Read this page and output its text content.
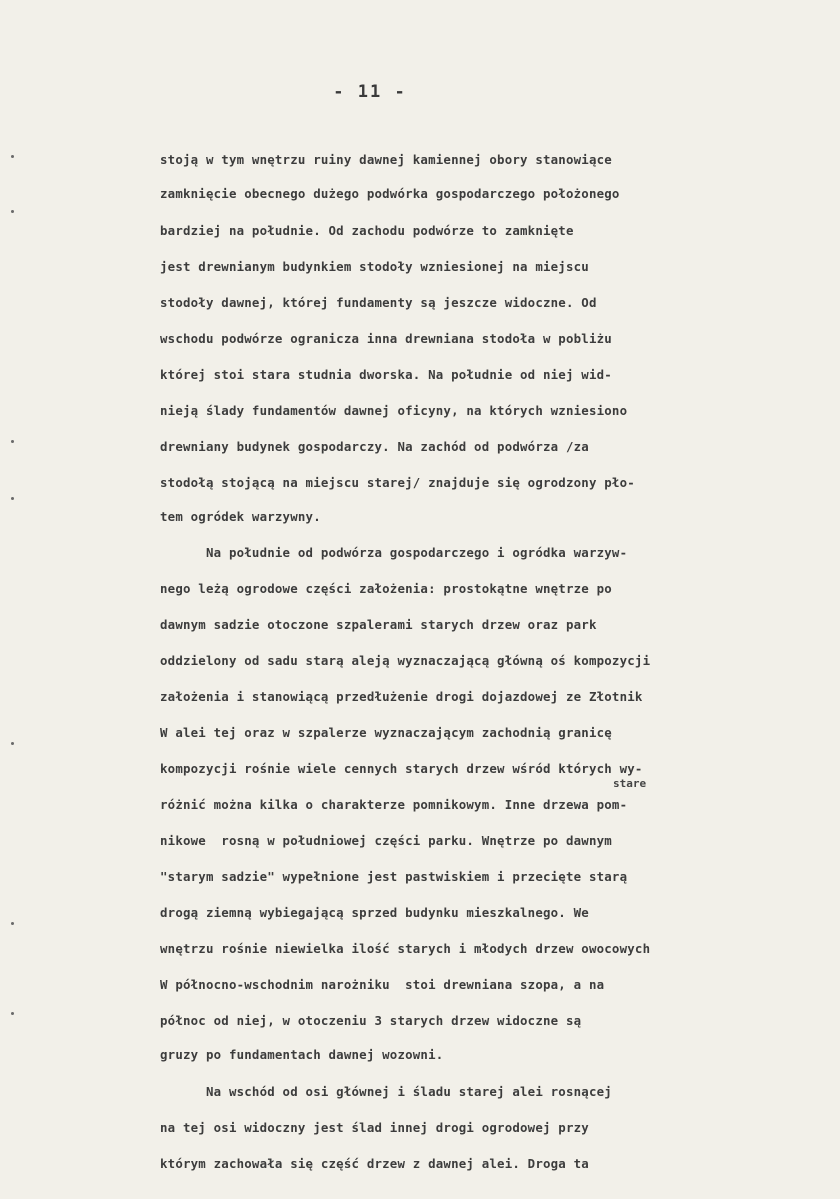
- 11 -

stoją w tym wnętrzu ruiny dawnej kamiennej obory stanowiące

zamknięcie obecnego dużego podwórka gospodarczego położonego

bardziej na południe. Od zachodu podwórze to zamknięte

jest drewnianym budynkiem stodoły wzniesionej na miejscu

stodoły dawnej, której fundamenty są jeszcze widoczne. Od

wschodu podwórze ogranicza inna drewniana stodoła w pobliżu

której stoi stara studnia dworska. Na południe od niej wid-

nieją ślady fundamentów dawnej oficyny, na których wzniesiono

drewniany budynek gospodarczy. Na zachód od podwórza /za

stodołą stojącą na miejscu starej/ znajduje się ogrodzony pło-

tem ogródek warzywny.

Na południe od podwórza gospodarczego i ogródka warzyw-

nego leżą ogrodowe części założenia: prostokątne wnętrze po

dawnym sadzie otoczone szpalerami starych drzew oraz park

oddzielony od sadu starą aleją wyznaczającą główną oś kompozycji

założenia i stanowiącą przedłużenie drogi dojazdowej ze Złotnik

W alei tej oraz w szpalerze wyznaczającym zachodnią granicę

kompozycji rośnie wiele cennych starych drzew wśród których wy-

różnić można kilka o charakterze pomnikowym. Inne drzewa pom-

nikowe  rosną w południowej części parku. Wnętrze po dawnym

"starym sadzie" wypełnione jest pastwiskiem i przecięte starą

drogą ziemną wybiegającą sprzed budynku mieszkalnego. We

wnętrzu rośnie niewielka ilość starych i młodych drzew owocowych

W północno-wschodnim narożniku  stoi drewniana szopa, a na

północ od niej, w otoczeniu 3 starych drzew widoczne są

gruzy po fundamentach dawnej wozowni.

Na wschód od osi głównej i śladu starej alei rosnącej

na tej osi widoczny jest ślad innej drogi ogrodowej przy

którym zachowała się część drzew z dawnej alei. Droga ta

stare
